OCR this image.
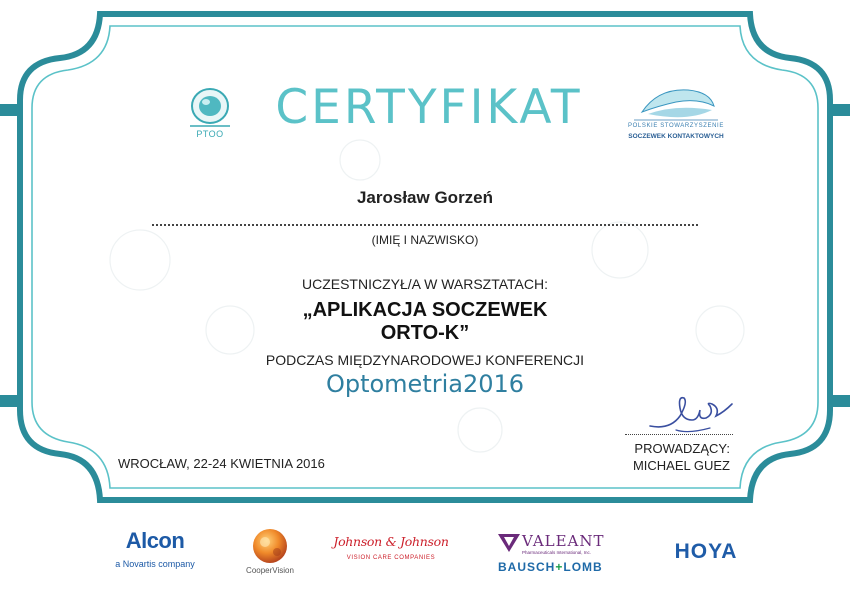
PTOO	CERTYFIKAT	POLSKIE STOWARZYSZENIE
SOCZEWEK KONTAKTOWYCH
Jarosław Gorzeń
(IMIĘ I NAZWISKO)
UCZESTNICZYŁ/A W WARSZTATACH:
„APLIKACJA SOCZEWEK
ORTO-K”
PODCZAS MIĘDZYNARODOWEJ KONFERENCJI
Optometria2016
WROCŁAW, 22-24 KWIETNIA 2016
PROWADZĄCY:
MICHAEL GUEZ
Alcon
a Novartis company
CooperVision
Johnson & Johnson
VISION CARE COMPANIES
VALEANT
Pharmaceuticals International, Inc.
BAUSCH+LOMB
HOYA
